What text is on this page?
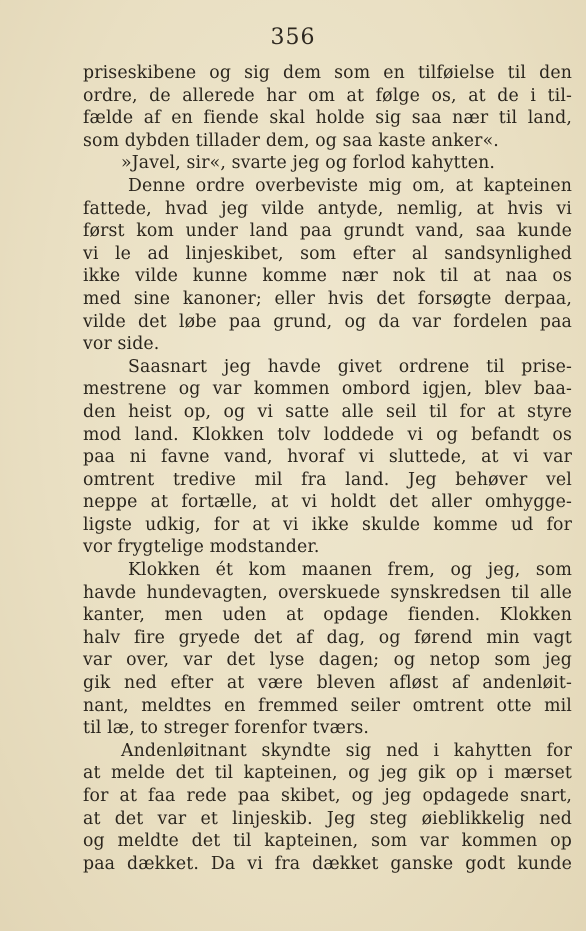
356
priseskibene og sig dem som en tilføielse til den
ordre, de allerede har om at følge os, at de i til-
fælde af en fiende skal holde sig saa nær til land,
som dybden tillader dem, og saa kaste anker«.
»Javel, sir«, svarte jeg og forlod kahytten.
Denne ordre overbeviste mig om, at kapteinen
fattede, hvad jeg vilde antyde, nemlig, at hvis vi
først kom under land paa grundt vand, saa kunde
vi le ad linjeskibet, som efter al sandsynlighed
ikke vilde kunne komme nær nok til at naa os
med sine kanoner; eller hvis det forsøgte derpaa,
vilde det løbe paa grund, og da var fordelen paa
vor side.
Saasnart jeg havde givet ordrene til prise-
mestrene og var kommen ombord igjen, blev baa-
den heist op, og vi satte alle seil til for at styre
mod land. Klokken tolv loddede vi og befandt os
paa ni favne vand, hvoraf vi sluttede, at vi var
omtrent tredive mil fra land. Jeg behøver vel
neppe at fortælle, at vi holdt det aller omhygge-
ligste udkig, for at vi ikke skulde komme ud for
vor frygtelige modstander.
Klokken ét kom maanen frem, og jeg, som
havde hundevagten, overskuede synskredsen til alle
kanter, men uden at opdage fienden. Klokken
halv fire gryede det af dag, og førend min vagt
var over, var det lyse dagen; og netop som jeg
gik ned efter at være bleven afløst af andenløit-
nant, meldtes en fremmed seiler omtrent otte mil
til læ, to streger forenfor tværs.
Andenløitnant skyndte sig ned i kahytten for
at melde det til kapteinen, og jeg gik op i mærset
for at faa rede paa skibet, og jeg opdagede snart,
at det var et linjeskib. Jeg steg øieblikkelig ned
og meldte det til kapteinen, som var kommen op
paa dækket. Da vi fra dækket ganske godt kunde
